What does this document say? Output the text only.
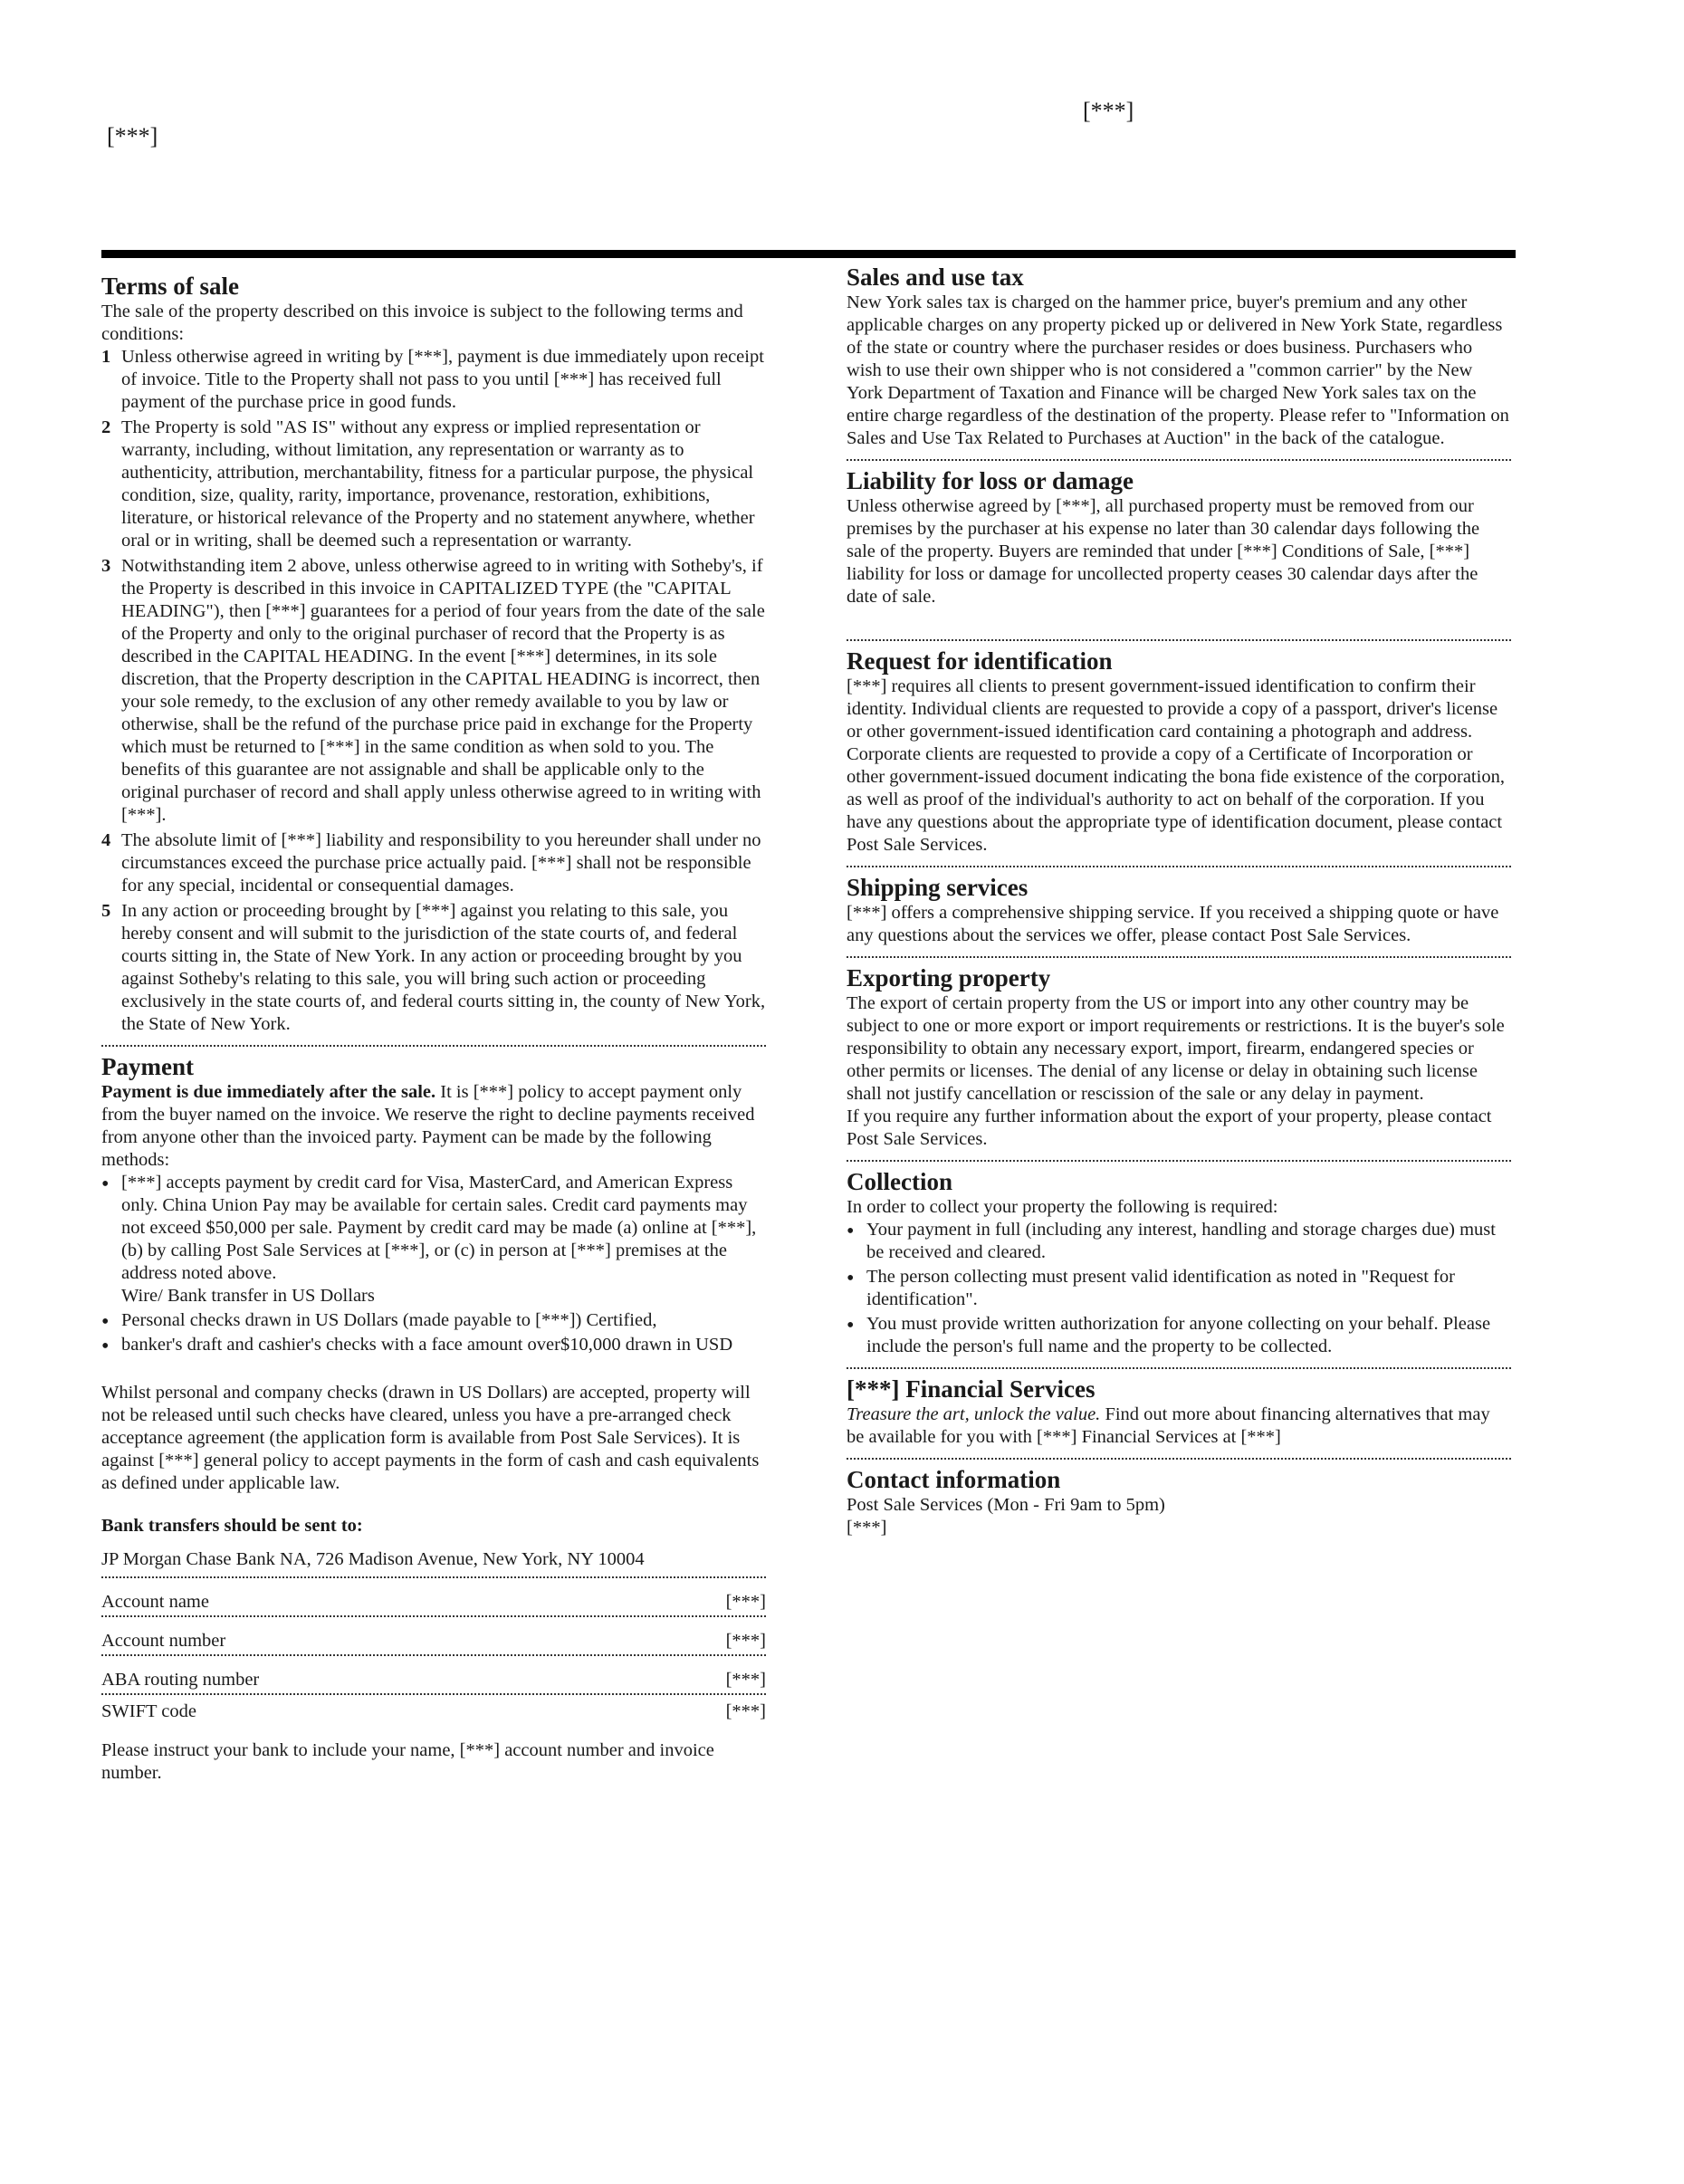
[***]
[***]
Terms of sale

The sale of the property described on this invoice is subject to the following terms and conditions:

1 Unless otherwise agreed in writing by [***], payment is due immediately upon receipt of invoice. Title to the Property shall not pass to you until [***] has received full payment of the purchase price in good funds.
2 The Property is sold "AS IS" without any express or implied representation or warranty, including, without limitation, any representation or warranty as to authenticity, attribution, merchantability, fitness for a particular purpose, the physical condition, size, quality, rarity, importance, provenance, restoration, exhibitions, literature, or historical relevance of the Property and no statement anywhere, whether oral or in writing, shall be deemed such a representation or warranty.
3 Notwithstanding item 2 above, unless otherwise agreed to in writing with Sotheby's, if the Property is described in this invoice in CAPITALIZED TYPE (the "CAPITAL HEADING"), then [***] guarantees for a period of four years from the date of the sale of the Property and only to the original purchaser of record that the Property is as described in the CAPITAL HEADING. In the event [***] determines, in its sole discretion, that the Property description in the CAPITAL HEADING is incorrect, then your sole remedy, to the exclusion of any other remedy available to you by law or otherwise, shall be the refund of the purchase price paid in exchange for the Property which must be returned to [***] in the same condition as when sold to you. The benefits of this guarantee are not assignable and shall be applicable only to the original purchaser of record and shall apply unless otherwise agreed to in writing with [***].
4 The absolute limit of [***] liability and responsibility to you hereunder shall under no circumstances exceed the purchase price actually paid. [***] shall not be responsible for any special, incidental or consequential damages.
5 In any action or proceeding brought by [***] against you relating to this sale, you hereby consent and will submit to the jurisdiction of the state courts of, and federal courts sitting in, the State of New York. In any action or proceeding brought by you against Sotheby's relating to this sale, you will bring such action or proceeding exclusively in the state courts of, and federal courts sitting in, the county of New York, the State of New York.
Payment

Payment is due immediately after the sale. It is [***] policy to accept payment only from the buyer named on the invoice. We reserve the right to decline payments received from anyone other than the invoiced party. Payment can be made by the following methods:

• [***] accepts payment by credit card for Visa, MasterCard, and American Express only. China Union Pay may be available for certain sales. Credit card payments may not exceed $50,000 per sale. Payment by credit card may be made (a) online at [***], (b) by calling Post Sale Services at [***], or (c) in person at [***] premises at the address noted above.
Wire/ Bank transfer in US Dollars
• Personal checks drawn in US Dollars (made payable to [***]) Certified,
• banker's draft and cashier's checks with a face amount over$10,000 drawn in USD

Whilst personal and company checks (drawn in US Dollars) are accepted, property will not be released until such checks have cleared, unless you have a pre-arranged check acceptance agreement (the application form is available from Post Sale Services). It is against [***] general policy to accept payments in the form of cash and cash equivalents as defined under applicable law.

Bank transfers should be sent to:

JP Morgan Chase Bank NA, 726 Madison Avenue, New York, NY 10004
Account name	[***]
Account number	[***]
ABA routing number	[***]
SWIFT code	[***]

Please instruct your bank to include your name, [***] account number and invoice number.

Sales and use tax

New York sales tax is charged on the hammer price, buyer's premium and any other applicable charges on any property picked up or delivered in New York State, regardless of the state or country where the purchaser resides or does business. Purchasers who wish to use their own shipper who is not considered a "common carrier" by the New York Department of Taxation and Finance will be charged New York sales tax on the entire charge regardless of the destination of the property. Please refer to "Information on Sales and Use Tax Related to Purchases at Auction" in the back of the catalogue.

Liability for loss or damage

Unless otherwise agreed by [***], all purchased property must be removed from our premises by the purchaser at his expense no later than 30 calendar days following the sale of the property. Buyers are reminded that under [***] Conditions of Sale, [***] liability for loss or damage for uncollected property ceases 30 calendar days after the date of sale.

Request for identification

[***] requires all clients to present government-issued identification to confirm their identity. Individual clients are requested to provide a copy of a passport, driver's license or other government-issued identification card containing a photograph and address. Corporate clients are requested to provide a copy of a Certificate of Incorporation or other government-issued document indicating the bona fide existence of the corporation, as well as proof of the individual's authority to act on behalf of the corporation. If you have any questions about the appropriate type of identification document, please contact Post Sale Services.

Shipping services

[***] offers a comprehensive shipping service. If you received a shipping quote or have any questions about the services we offer, please contact Post Sale Services.

Exporting property

The export of certain property from the US or import into any other country may be subject to one or more export or import requirements or restrictions. It is the buyer's sole responsibility to obtain any necessary export, import, firearm, endangered species or other permits or licenses. The denial of any license or delay in obtaining such license shall not justify cancellation or rescission of the sale or any delay in payment.

If you require any further information about the export of your property, please contact Post Sale Services.

Collection

In order to collect your property the following is required:

• Your payment in full (including any interest, handling and storage charges due) must be received and cleared.
• The person collecting must present valid identification as noted in "Request for identification".
• You must provide written authorization for anyone collecting on your behalf. Please include the person's full name and the property to be collected.
[***] Financial Services

Treasure the art, unlock the value. Find out more about financing alternatives that may be available for you with [***] Financial Services at [***]

Contact information

Post Sale Services (Mon - Fri 9am to 5pm)

[***]
